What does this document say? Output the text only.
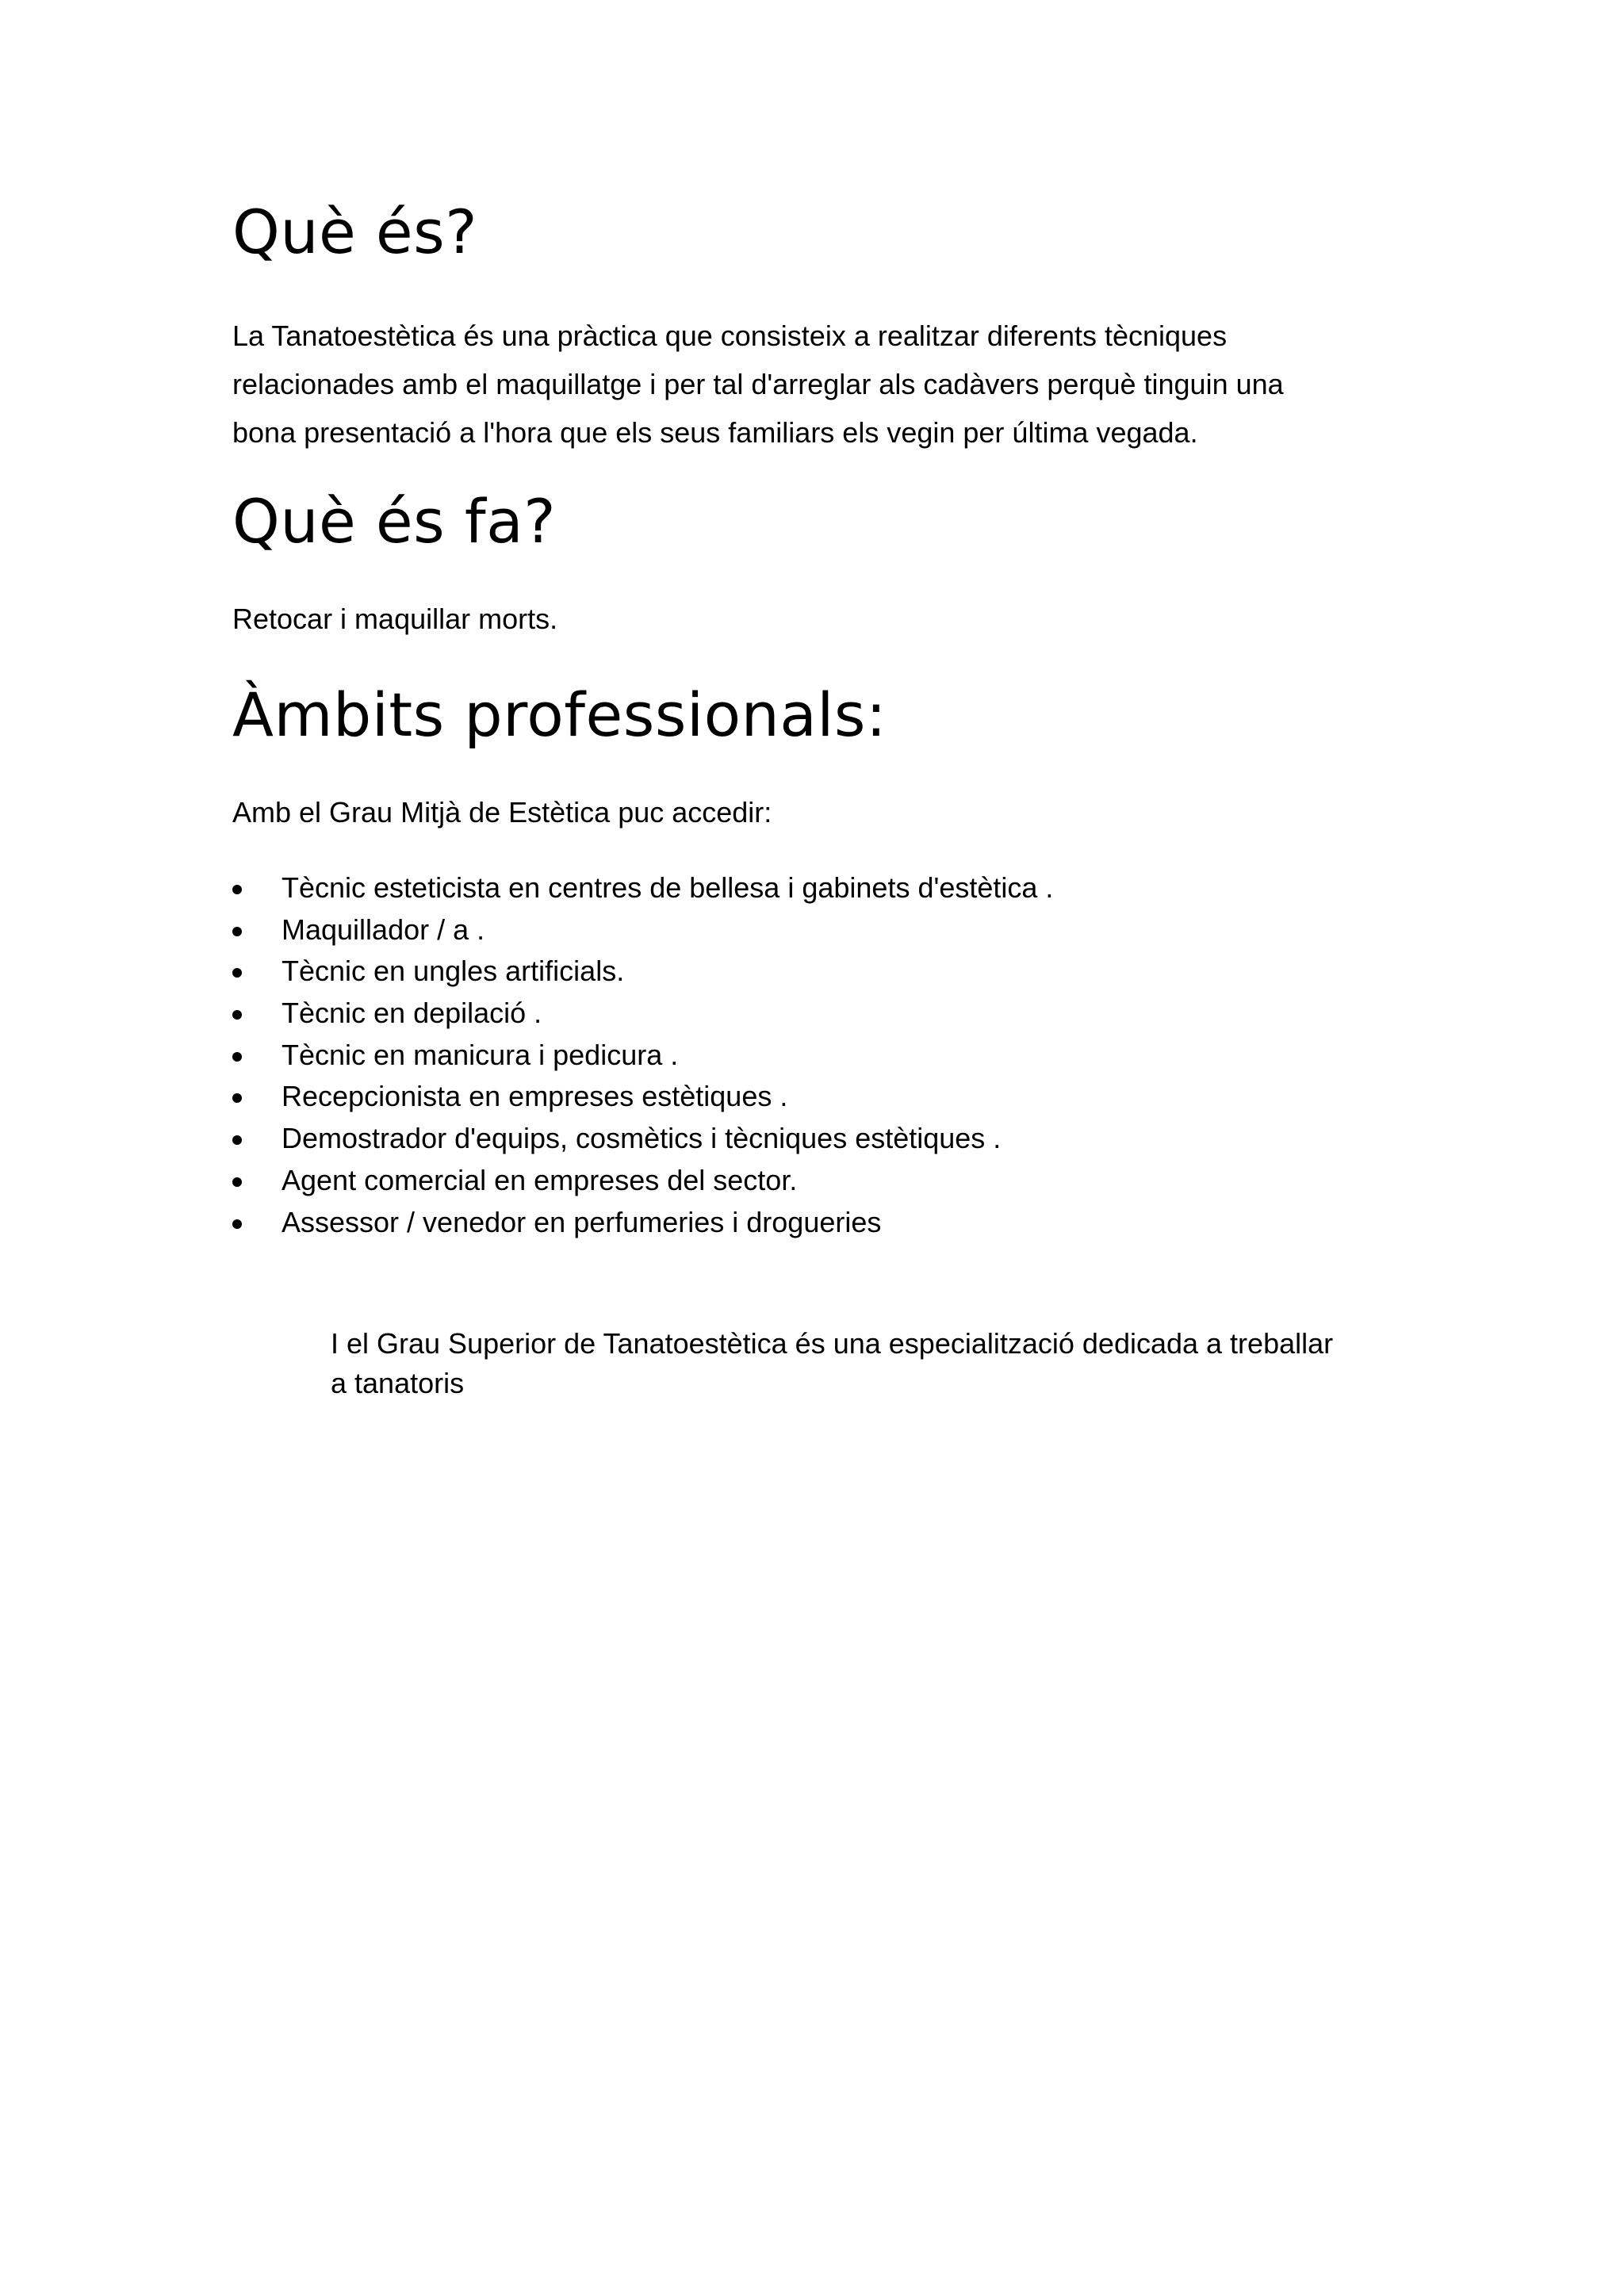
Què és?

La Tanatoestètica és una pràctica que consisteix a realitzar diferents tècniques
relacionades amb el maquillatge i per tal d'arreglar als cadàvers perquè tinguin una
bona presentació a l'hora que els seus familiars els vegin per última vegada.

Què és fa?

Retocar i maquillar morts.

Àmbits professionals:

Amb el Grau Mitjà de Estètica puc accedir:

Tècnic esteticista en centres de bellesa i gabinets d'estètica .
Maquillador / a .
Tècnic en ungles artificials.
Tècnic en depilació .
Tècnic en manicura i pedicura .
Recepcionista en empreses estètiques .
Demostrador d'equips, cosmètics i tècniques estètiques .
Agent comercial en empreses del sector.
Assessor / venedor en perfumeries i drogueries

I el Grau Superior de Tanatoestètica és una especialització dedicada a treballar
a tanatoris
